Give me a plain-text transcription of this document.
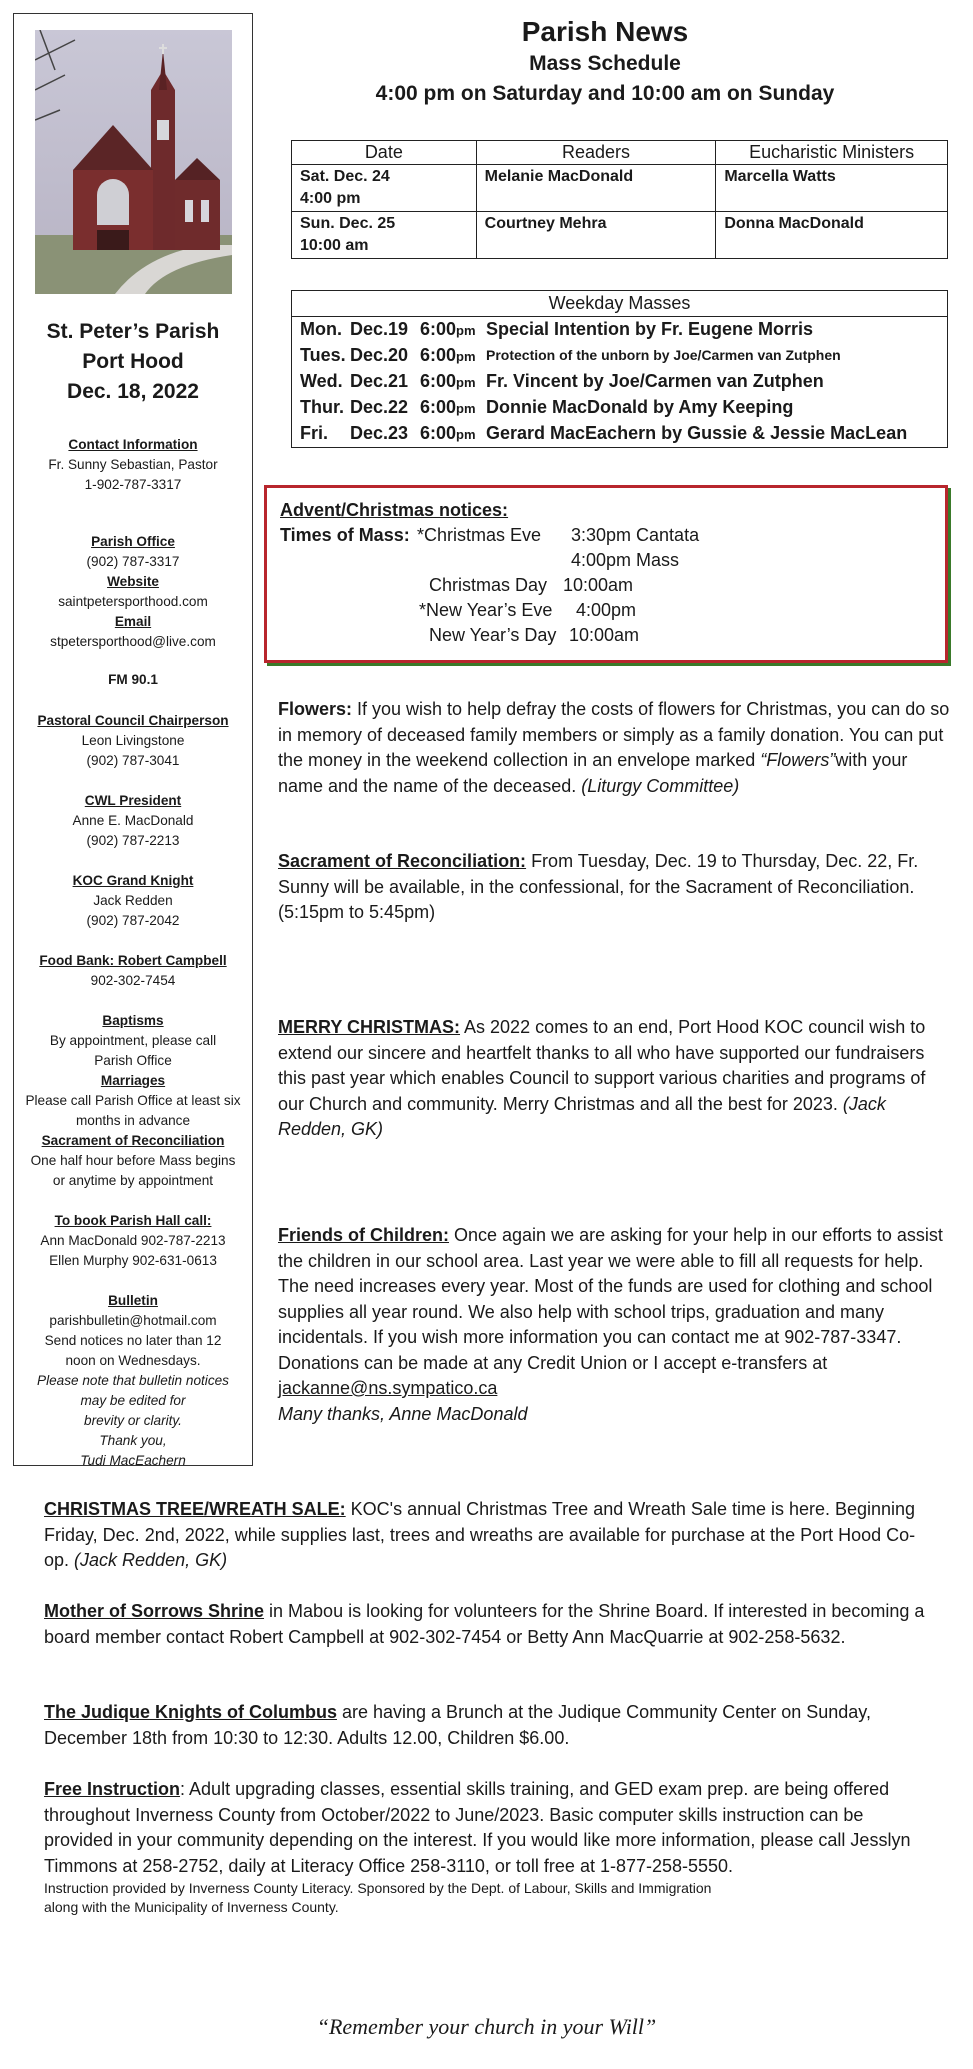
St. Peter’s Parish
Port Hood
Dec. 18, 2022
Contact Information
Fr. Sunny Sebastian, Pastor
1-902-787-3317
Parish Office
(902) 787-3317
Website
saintpetersporthood.com
Email
stpetersporthood@live.com
FM 90.1
Pastoral Council Chairperson
Leon Livingstone
(902) 787-3041
CWL President
Anne E. MacDonald
(902) 787-2213
KOC Grand Knight
Jack Redden
(902) 787-2042
Food Bank: Robert Campbell
902-302-7454
Baptisms
By appointment, please call
Parish Office
Marriages
Please call Parish Office at least six
months in advance
Sacrament of Reconciliation
One half hour before Mass begins
or anytime by appointment
To book Parish Hall call:
Ann MacDonald 902-787-2213
Ellen Murphy 902-631-0613
Bulletin
parishbulletin@hotmail.com
Send notices no later than 12
noon on Wednesdays.
Please note that bulletin notices
may be edited for
brevity or clarity.
Thank you,
Tudi MacEachern
Parish News
Mass Schedule
4:00 pm on Saturday and 10:00 am on Sunday
Date	Readers	Eucharistic Ministers

Sat. Dec. 24
4:00 pm	Melanie MacDonald	Marcella Watts

Sun. Dec. 25
10:00 am	Courtney Mehra	Donna MacDonald
Weekday Masses
Mon. Dec. 19 6:00pm Special Intention by Fr. Eugene Morris
Tues. Dec. 20 6:00pm Protection of the unborn by Joe/Carmen van Zutphen
Wed. Dec. 21 6:00pm Fr. Vincent by Joe/Carmen van Zutphen
Thur. Dec. 22 6:00pm Donnie MacDonald by Amy Keeping
Fri.	Dec. 23 6:00pm Gerard MacEachern by Gussie & Jessie MacLean
Advent/Christmas notices:
Times of Mass: *Christmas Eve 3:30pm Cantata
4:00pm Mass
Christmas Day 10:00am
*New Year’s Eve 4:00pm
New Year’s Day 10:00am
Flowers: If you wish to help defray the costs of flowers for Christmas, you can do so in memory of deceased family members or simply as a family donation. You can put the money in the weekend collection in an envelope marked “Flowers”with your name and the name of the deceased. (Liturgy Committee)
Sacrament of Reconciliation: From Tuesday, Dec. 19 to Thursday, Dec. 22, Fr. Sunny will be available, in the confessional, for the Sacrament of Reconciliation. (5:15pm to 5:45pm)
MERRY CHRISTMAS: As 2022 comes to an end, Port Hood KOC council wish to extend our sincere and heartfelt thanks to all who have supported our fundraisers this past year which enables Council to support various charities and programs of our Church and community. Merry Christmas and all the best for 2023. (Jack Redden, GK)
Friends of Children: Once again we are asking for your help in our efforts to assist the children in our school area. Last year we were able to fill all requests for help. The need increases every year. Most of the funds are used for clothing and school supplies all year round. We also help with school trips, graduation and many incidentals. If you wish more information you can contact me at 902-787-3347. Donations can be made at any Credit Union or I accept e-transfers at jackanne@ns.sympatico.ca
Many thanks, Anne MacDonald
CHRISTMAS TREE/WREATH SALE: KOC's annual Christmas Tree and Wreath Sale time is here. Beginning Friday, Dec. 2nd, 2022, while supplies last, trees and wreaths are available for purchase at the Port Hood Co-op. (Jack Redden, GK)
Mother of Sorrows Shrine in Mabou is looking for volunteers for the Shrine Board. If interested in becoming a board member contact Robert Campbell at 902-302-7454 or Betty Ann MacQuarrie at 902-258-5632.
The Judique Knights of Columbus are having a Brunch at the Judique Community Center on Sunday, December 18th from 10:30 to 12:30. Adults 12.00, Children $6.00.
Free Instruction: Adult upgrading classes, essential skills training, and GED exam prep. are being offered throughout Inverness County from October/2022 to June/2023. Basic computer skills instruction can be provided in your community depending on the interest. If you would like more information, please call Jesslyn Timmons at 258-2752, daily at Literacy Office 258-3110, or toll free at 1-877-258-5550.
Instruction provided by Inverness County Literacy. Sponsored by the Dept. of Labour, Skills and Immigration
along with the Municipality of Inverness County.
“Remember your church in your Will”
